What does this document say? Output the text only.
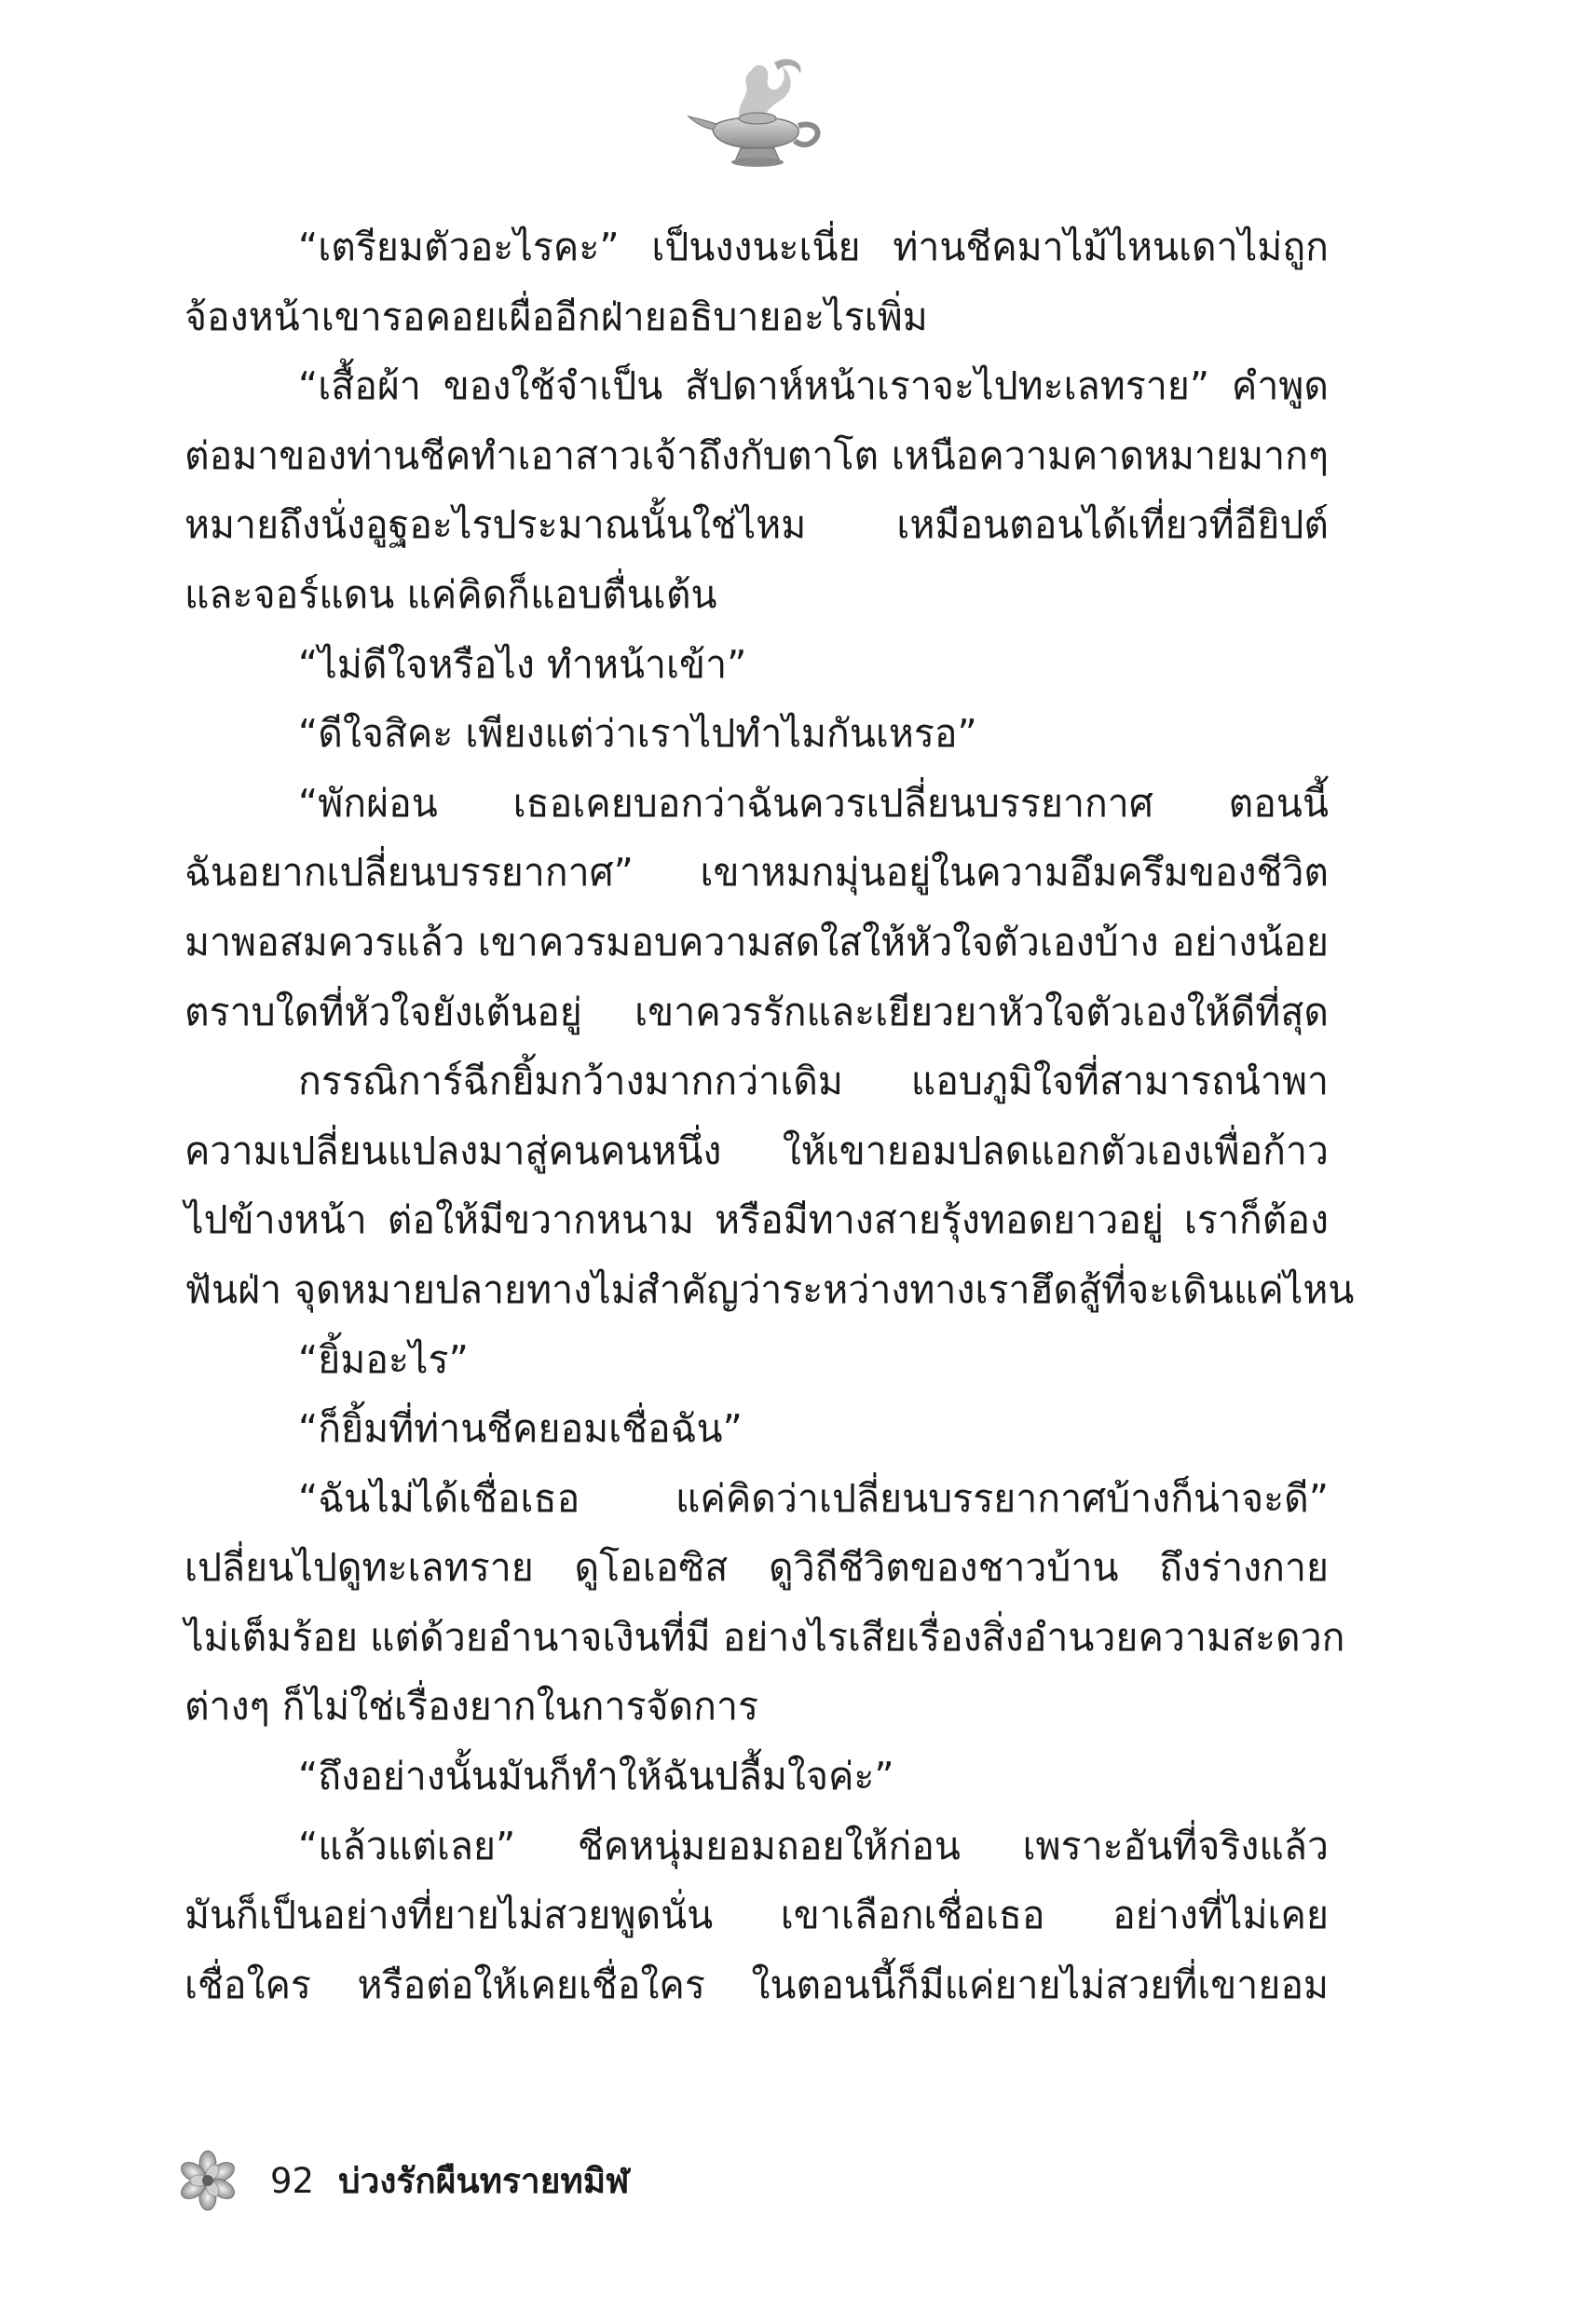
“เตรียมตัวอะไรคะ” เป็นงงนะเนี่ย ท่านชีคมาไม้ไหนเดาไม่ถูก
จ้องหน้าเขารอคอยเผื่ออีกฝ่ายอธิบายอะไรเพิ่ม
“เสื้อผ้า ของใช้จำเป็น สัปดาห์หน้าเราจะไปทะเลทราย” คำพูด
ต่อมาของท่านชีคทำเอาสาวเจ้าถึงกับตาโต เหนือความคาดหมายมากๆ
หมายถึงนั่งอูฐอะไรประมาณนั้นใช่ไหม เหมือนตอนได้เที่ยวที่อียิปต์
และจอร์แดน แค่คิดก็แอบตื่นเต้น
“ไม่ดีใจหรือไง ทำหน้าเข้า”
“ดีใจสิคะ เพียงแต่ว่าเราไปทำไมกันเหรอ”
“พักผ่อน เธอเคยบอกว่าฉันควรเปลี่ยนบรรยากาศ ตอนนี้
ฉันอยากเปลี่ยนบรรยากาศ” เขาหมกมุ่นอยู่ในความอึมครึมของชีวิต
มาพอสมควรแล้ว เขาควรมอบความสดใสให้หัวใจตัวเองบ้าง อย่างน้อย
ตราบใดที่หัวใจยังเต้นอยู่ เขาควรรักและเยียวยาหัวใจตัวเองให้ดีที่สุด
กรรณิการ์ฉีกยิ้มกว้างมากกว่าเดิม แอบภูมิใจที่สามารถนำพา
ความเปลี่ยนแปลงมาสู่คนคนหนึ่ง ให้เขายอมปลดแอกตัวเองเพื่อก้าว
ไปข้างหน้า ต่อให้มีขวากหนาม หรือมีทางสายรุ้งทอดยาวอยู่ เราก็ต้อง
ฟันฝ่า จุดหมายปลายทางไม่สำคัญว่าระหว่างทางเราฮึดสู้ที่จะเดินแค่ไหน
“ยิ้มอะไร”
“ก็ยิ้มที่ท่านชีคยอมเชื่อฉัน”
“ฉันไม่ได้เชื่อเธอ แค่คิดว่าเปลี่ยนบรรยากาศบ้างก็น่าจะดี”
เปลี่ยนไปดูทะเลทราย ดูโอเอซิส ดูวิถีชีวิตของชาวบ้าน ถึงร่างกาย
ไม่เต็มร้อย แต่ด้วยอำนาจเงินที่มี อย่างไรเสียเรื่องสิ่งอำนวยความสะดวก
ต่างๆ ก็ไม่ใช่เรื่องยากในการจัดการ
“ถึงอย่างนั้นมันก็ทำให้ฉันปลื้มใจค่ะ”
“แล้วแต่เลย” ชีคหนุ่มยอมถอยให้ก่อน เพราะอันที่จริงแล้ว
มันก็เป็นอย่างที่ยายไม่สวยพูดนั่น เขาเลือกเชื่อเธอ อย่างที่ไม่เคย
เชื่อใคร หรือต่อให้เคยเชื่อใคร ในตอนนี้ก็มีแค่ยายไม่สวยที่เขายอม
92 บ่วงรักผืนทรายทมิฬ
